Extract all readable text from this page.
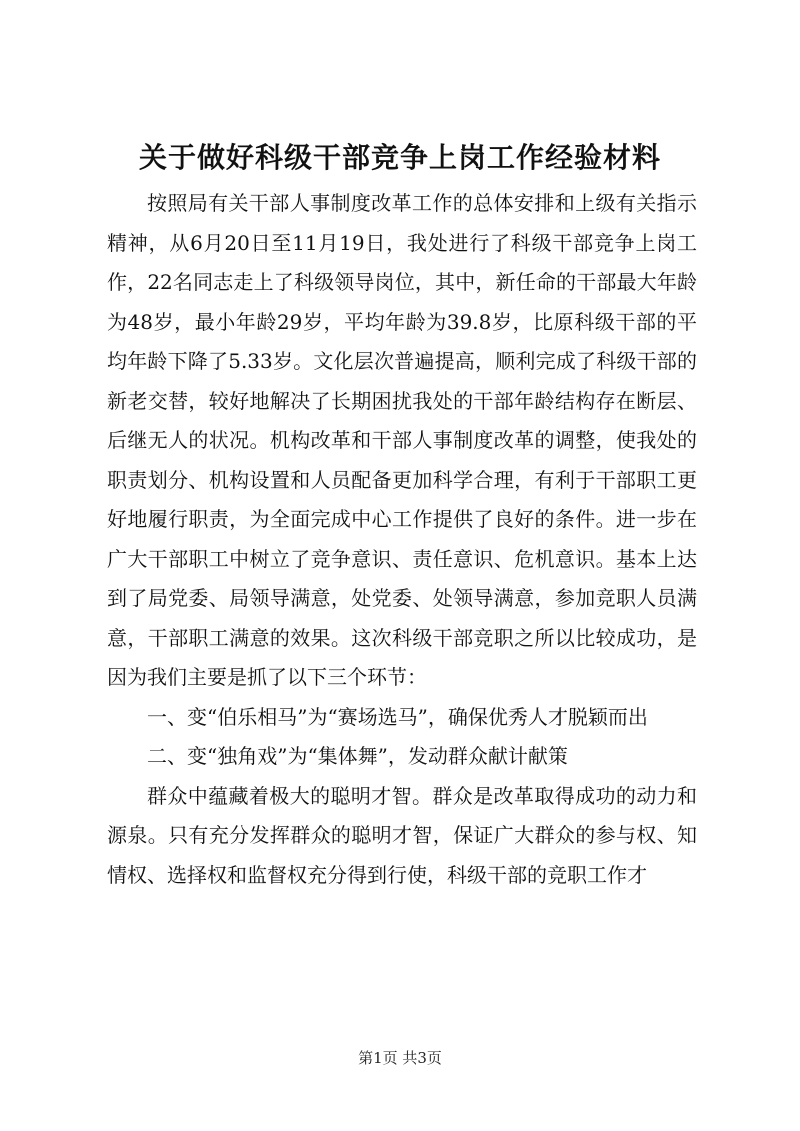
关于做好科级干部竞争上岗工作经验材料

按照局有关干部人事制度改革工作的总体安排和上级有关指示精神，从6月20日至11月19日，我处进行了科级干部竞争上岗工作，22名同志走上了科级领导岗位，其中，新任命的干部最大年龄为48岁，最小年龄29岁，平均年龄为39.8岁，比原科级干部的平均年龄下降了5.33岁。文化层次普遍提高，顺利完成了科级干部的新老交替，较好地解决了长期困扰我处的干部年龄结构存在断层、后继无人的状况。机构改革和干部人事制度改革的调整，使我处的职责划分、机构设置和人员配备更加科学合理，有利于干部职工更好地履行职责，为全面完成中心工作提供了良好的条件。进一步在广大干部职工中树立了竞争意识、责任意识、危机意识。基本上达到了局党委、局领导满意，处党委、处领导满意，参加竞职人员满意，干部职工满意的效果。这次科级干部竞职之所以比较成功，是因为我们主要是抓了以下三个环节：

一、变“伯乐相马”为“赛场选马”，确保优秀人才脱颖而出

二、变“独角戏”为“集体舞”，发动群众献计献策

群众中蕴藏着极大的聪明才智。群众是改革取得成功的动力和源泉。只有充分发挥群众的聪明才智，保证广大群众的参与权、知情权、选择权和监督权充分得到行使，科级干部的竞职工作才

第1页 共3页
